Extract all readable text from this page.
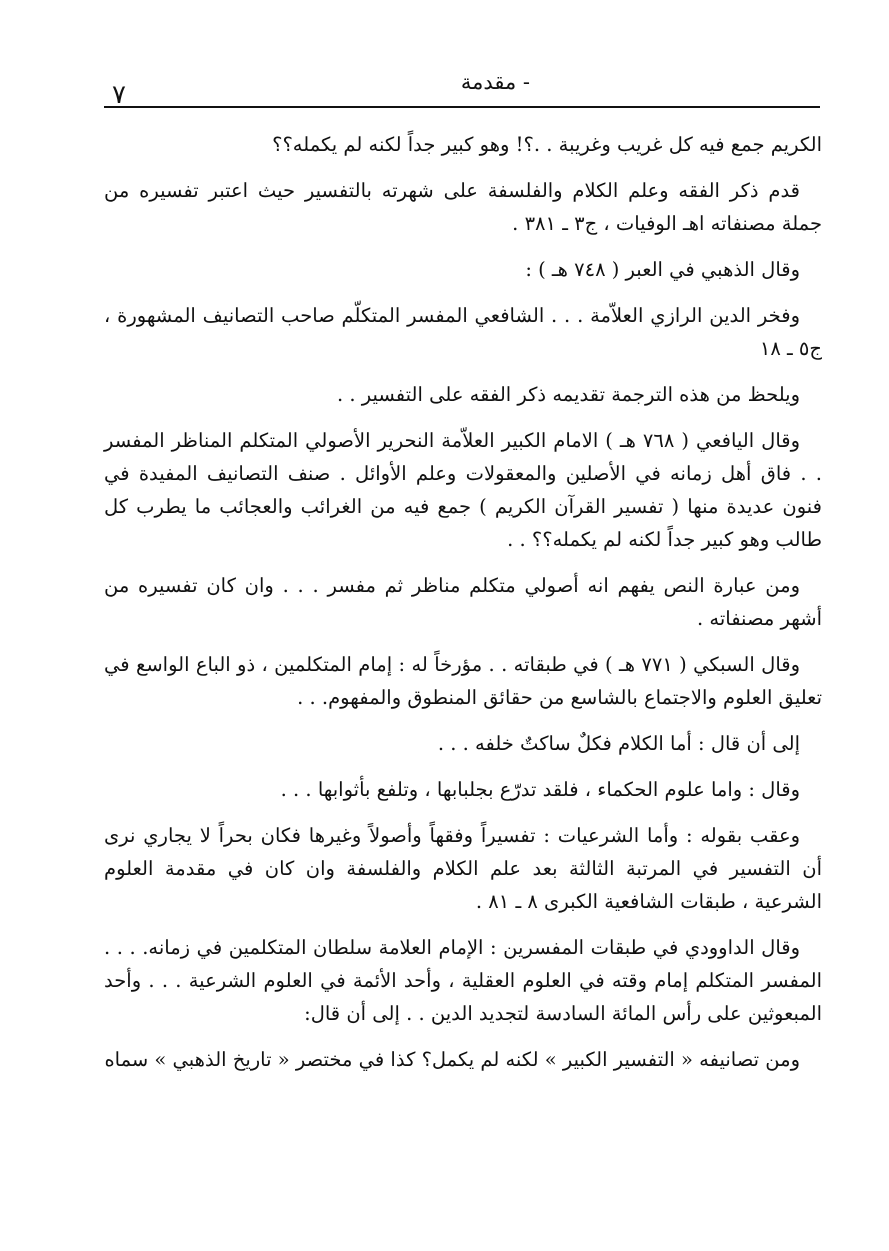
- مقدمة
٧

الكريم جمع فيه كل غريب وغريبة . .؟! وهو كبير جداً لكنه لم يكمله؟؟

قدم ذكر الفقه وعلم الكلام والفلسفة على شهرته بالتفسير حيث اعتبر تفسيره من جملة مصنفاته اهـ الوفيات ، ج٣ ـ ٣٨١ .

وقال الذهبي في العبر ( ٧٤٨ هـ ) :

وفخر الدين الرازي العلاّمة . . . الشافعي المفسر المتكلّم صاحب التصانيف المشهورة ، ج٥ ـ ١٨

ويلحظ من هذه الترجمة تقديمه ذكر الفقه على التفسير . .

وقال اليافعي ( ٧٦٨ هـ ) الامام الكبير العلاّمة النحرير الأصولي المتكلم المناظر المفسر . . فاق أهل زمانه في الأصلين والمعقولات وعلم الأوائل . صنف التصانيف المفيدة في فنون عديدة منها ( تفسير القرآن الكريم ) جمع فيه من الغرائب والعجائب ما يطرب كل طالب وهو كبير جداً لكنه لم يكمله؟؟ . .

ومن عبارة النص يفهم انه أصولي متكلم مناظر ثم مفسر . . . وان كان تفسيره من أشهر مصنفاته .

وقال السبكي ( ٧٧١ هـ ) في طبقاته . . مؤرخاً له : إمام المتكلمين ، ذو الباع الواسع في تعليق العلوم والاجتماع بالشاسع من حقائق المنطوق والمفهوم. . .

إلى أن قال : أما الكلام فكلٌ ساكتٌ خلفه . . .

وقال : واما علوم الحكماء ، فلقد تدرّع بجلبابها ، وتلفع بأثوابها . . .

وعقب بقوله : وأما الشرعيات : تفسيراً وفقهاً وأصولاً وغيرها فكان بحراً لا يجاري نرى أن التفسير في المرتبة الثالثة بعد علم الكلام والفلسفة وان كان في مقدمة العلوم الشرعية ، طبقات الشافعية الكبرى ٨ ـ ٨١ .

وقال الداوودي في طبقات المفسرين : الإمام العلامة سلطان المتكلمين في زمانه. . . . المفسر المتكلم إمام وقته في العلوم العقلية ، وأحد الأئمة في العلوم الشرعية . . . وأحد المبعوثين على رأس المائة السادسة لتجديد الدين . . إلى أن قال:

ومن تصانيفه « التفسير الكبير » لكنه لم يكمل؟ كذا في مختصر « تاريخ الذهبي » سماه
